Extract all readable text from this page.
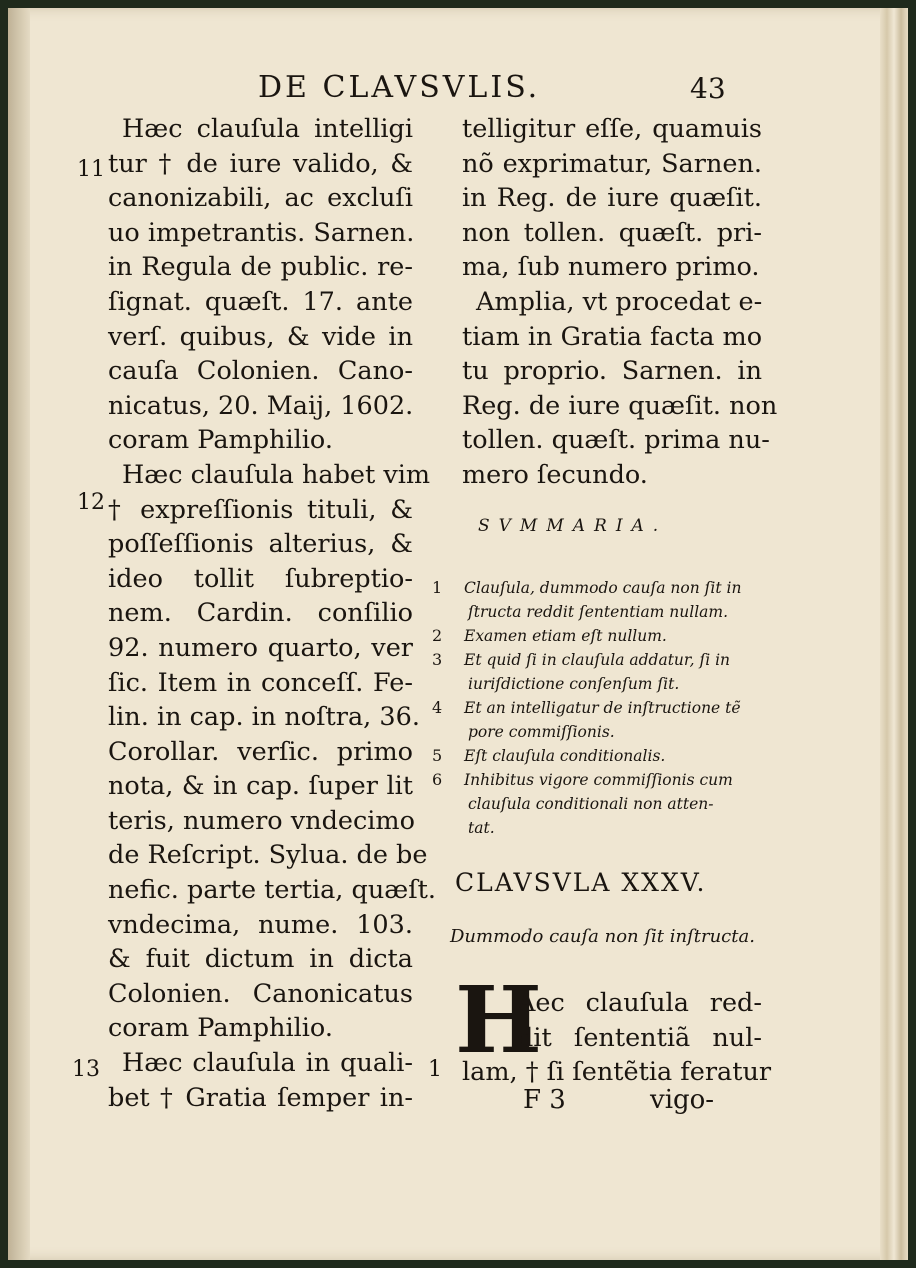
DE CLAVSVLIS.	43
Hæc clauſula intelligi
tur † de iure valido, &
canonizabili, ac excluſi
uo impetrantis. Sarnen.
in Regula de public. re-
ſignat. quæſt. 17. ante
verſ. quibus, & vide in
cauſa Colonien. Cano-
nicatus, 20. Maij, 1602.
coram Pamphilio.
Hæc clauſula habet vim
† expreſſionis tituli, &
poſſeſſionis alterius, &
ideo tollit ſubreptio-
nem. Cardin. conſilio
92. numero quarto, ver
ſic. Item in conceſſ. Fe-
lin. in cap. in noſtra, 36.
Corollar. verſic. primo
nota, & in cap. ſuper lit
teris, numero vndecimo
de Reſcript. Sylua. de be
nefic. parte tertia, quæſt.
vndecima, nume. 103.
& fuit dictum in dicta
Colonien. Canonicatus
coram Pamphilio.
Hæc clauſula in quali-
bet † Gratia ſemper in-
11
12
13
telligitur eſſe, quamuis
nõ exprimatur, Sarnen.
in Reg. de iure quæſit.
non tollen. quæſt. pri-
ma, ſub numero primo.
Amplia, vt procedat e-
tiam in Gratia facta mo
tu proprio. Sarnen. in
Reg. de iure quæſit. non
tollen. quæſt. prima nu-
mero ſecundo.
SVMMARIA.
1 Clauſula, dummodo cauſa non ſit in
ſtructa reddit ſententiam nullam.
2 Examen etiam eſt nullum.
3 Et quid ſi in clauſula addatur, ſi in
iuriſdictione conſenſum ſit.
4 Et an intelligatur de inſtructione tẽ
pore commiſſionis.
5 Eſt clauſula conditionalis.
6 Inhibitus vigore commiſſionis cum
clauſula conditionali non atten-
tat.
CLAVSVLA XXXV.
Dummodo cauſa non ſit inſtructa.
H
Aec clauſula red-
dit ſententiã nul-
lam, † ſi ſentẽtia feratur
1
F 3	vigo-
